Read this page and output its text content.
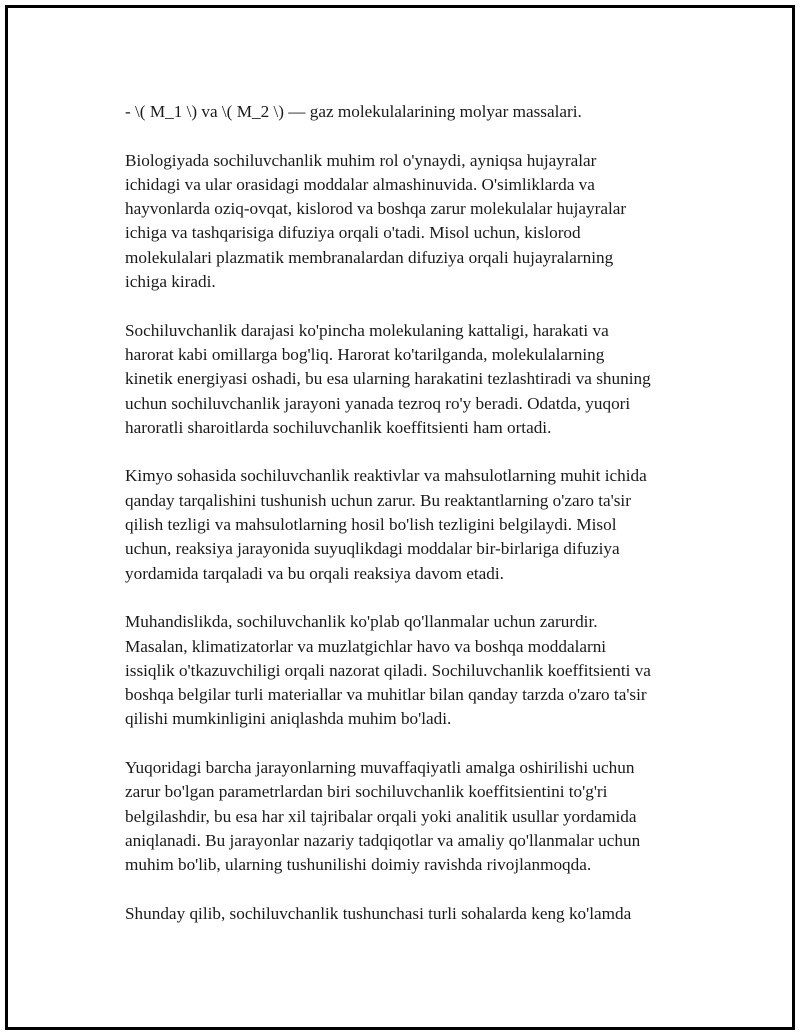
- \( M_1 \) va \( M_2 \) — gaz molekulalarining molyar massalari.

Biologiyada sochiluvchanlik muhim rol o'ynaydi, ayniqsa hujayralar
ichidagi va ular orasidagi moddalar almashinuvida. O'simliklarda va
hayvonlarda oziq-ovqat, kislorod va boshqa zarur molekulalar hujayralar
ichiga va tashqarisiga difuziya orqali o'tadi. Misol uchun, kislorod
molekulalari plazmatik membranalardan difuziya orqali hujayralarning
ichiga kiradi.

Sochiluvchanlik darajasi ko'pincha molekulaning kattaligi, harakati va
harorat kabi omillarga bog'liq. Harorat ko'tarilganda, molekulalarning
kinetik energiyasi oshadi, bu esa ularning harakatini tezlashtiradi va shuning
uchun sochiluvchanlik jarayoni yanada tezroq ro'y beradi. Odatda, yuqori
haroratli sharoitlarda sochiluvchanlik koeffitsienti ham ortadi.

Kimyo sohasida sochiluvchanlik reaktivlar va mahsulotlarning muhit ichida
qanday tarqalishini tushunish uchun zarur. Bu reaktantlarning o'zaro ta'sir
qilish tezligi va mahsulotlarning hosil bo'lish tezligini belgilaydi. Misol
uchun, reaksiya jarayonida suyuqlikdagi moddalar bir-birlariga difuziya
yordamida tarqaladi va bu orqali reaksiya davom etadi.

Muhandislikda, sochiluvchanlik ko'plab qo'llanmalar uchun zarurdir.
Masalan, klimatizatorlar va muzlatgichlar havo va boshqa moddalarni
issiqlik o'tkazuvchiligi orqali nazorat qiladi. Sochiluvchanlik koeffitsienti va
boshqa belgilar turli materiallar va muhitlar bilan qanday tarzda o'zaro ta'sir
qilishi mumkinligini aniqlashda muhim bo'ladi.

Yuqoridagi barcha jarayonlarning muvaffaqiyatli amalga oshirilishi uchun
zarur bo'lgan parametrlardan biri sochiluvchanlik koeffitsientini to'g'ri
belgilashdir, bu esa har xil tajribalar orqali yoki analitik usullar yordamida
aniqlanadi. Bu jarayonlar nazariy tadqiqotlar va amaliy qo'llanmalar uchun
muhim bo'lib, ularning tushunilishi doimiy ravishda rivojlanmoqda.

Shunday qilib, sochiluvchanlik tushunchasi turli sohalarda keng ko'lamda
